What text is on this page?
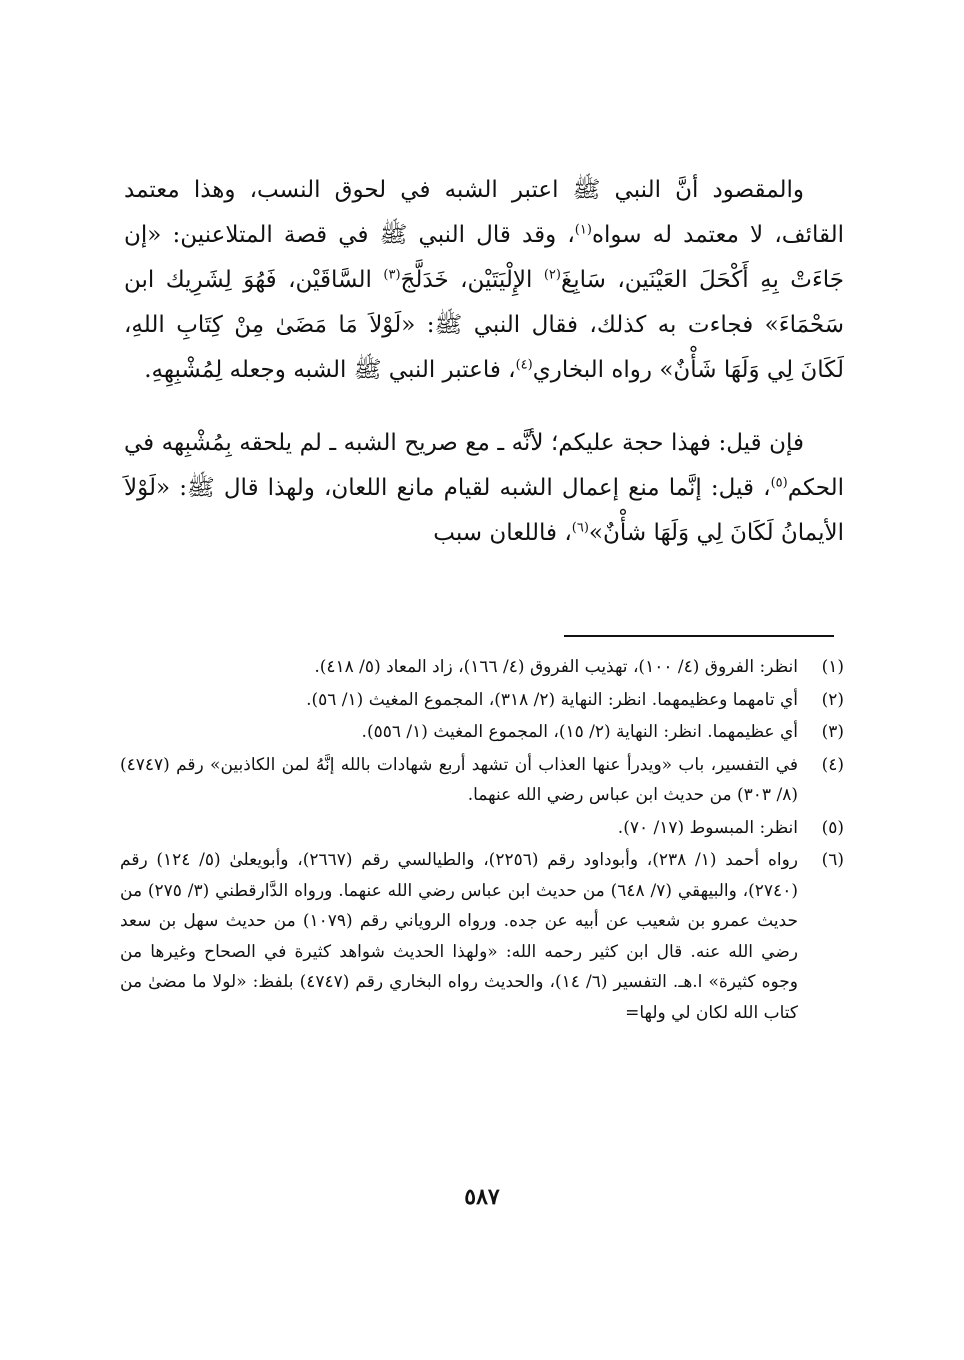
والمقصود أنَّ النبي ﷺ اعتبر الشبه في لحوق النسب، وهذا معتمد القائف، لا معتمد له سواه$^{(١)}$، وقد قال النبي ﷺ في قصة المتلاعنين: «إن جَاءَتْ بِهِ أَكْحَلَ العَيْنَين، سَابِغَ$^{(٢)}$ الإِلْيَتَيْن، خَدَلَّجَ$^{(٣)}$ السَّاقَيْن، فَهُوَ لِشَرِيك ابن سَحْمَاءَ» فجاءت به كذلك، فقال النبي ﷺ: «لَوْلاَ مَا مَضَىٰ مِنْ كِتَابِ اللهِ، لَكَانَ لِي وَلَهَا شَأْنٌ» رواه البخاري$^{(٤)}$، فاعتبر النبي ﷺ الشبه وجعله لِمُشْبِهِهِ.

فإن قيل: فهذا حجة عليكم؛ لأنَّه ـ مع صريح الشبه ـ لم يلحقه بِمُشْبِهه في الحكم$^{(٥)}$، قيل: إنَّما منع إعمال الشبه لقيام مانع اللعان، ولهذا قال ﷺ: «لَوْلاَ الأيمانُ لَكَانَ لِي وَلَهَا شأْنٌ»$^{(٦)}$، فاللعان سبب

(١)
انظر: الفروق (٤/ ١٠٠)، تهذيب الفروق (٤/ ١٦٦)، زاد المعاد (٥/ ٤١٨).
(٢)
أي تامهما وعظيمهما. انظر: النهاية (٢/ ٣١٨)، المجموع المغيث (١/ ٥٦).
(٣)
أي عظيمهما. انظر: النهاية (٢/ ١٥)، المجموع المغيث (١/ ٥٥٦).
(٤)
في التفسير، باب «ويدرأ عنها العذاب أن تشهد أربع شهادات بالله إنَّهُ لمن الكاذبين» رقم (٤٧٤٧) (٨/ ٣٠٣) من حديث ابن عباس رضي الله عنهما.
(٥)
انظر: المبسوط (١٧/ ٧٠).
(٦)
رواه أحمد (١/ ٢٣٨)، وأبوداود رقم (٢٢٥٦)، والطيالسي رقم (٢٦٦٧)، وأبويعلىٰ (٥/ ١٢٤) رقم (٢٧٤٠)، والبيهقي (٧/ ٦٤٨) من حديث ابن عباس رضي الله عنهما. ورواه الدَّارقطني (٣/ ٢٧٥) من حديث عمرو بن شعيب عن أبيه عن جده. ورواه الروياني رقم (١٠٧٩) من حديث سهل بن سعد رضي الله عنه. قال ابن كثير رحمه الله: «ولهذا الحديث شواهد كثيرة في الصحاح وغيرها من وجوه كثيرة» ا.هـ. التفسير (٦/ ١٤)، والحديث رواه البخاري رقم (٤٧٤٧) بلفظ: «لولا ما مضىٰ من كتاب الله لكان لي ولها=
٥٨٧
